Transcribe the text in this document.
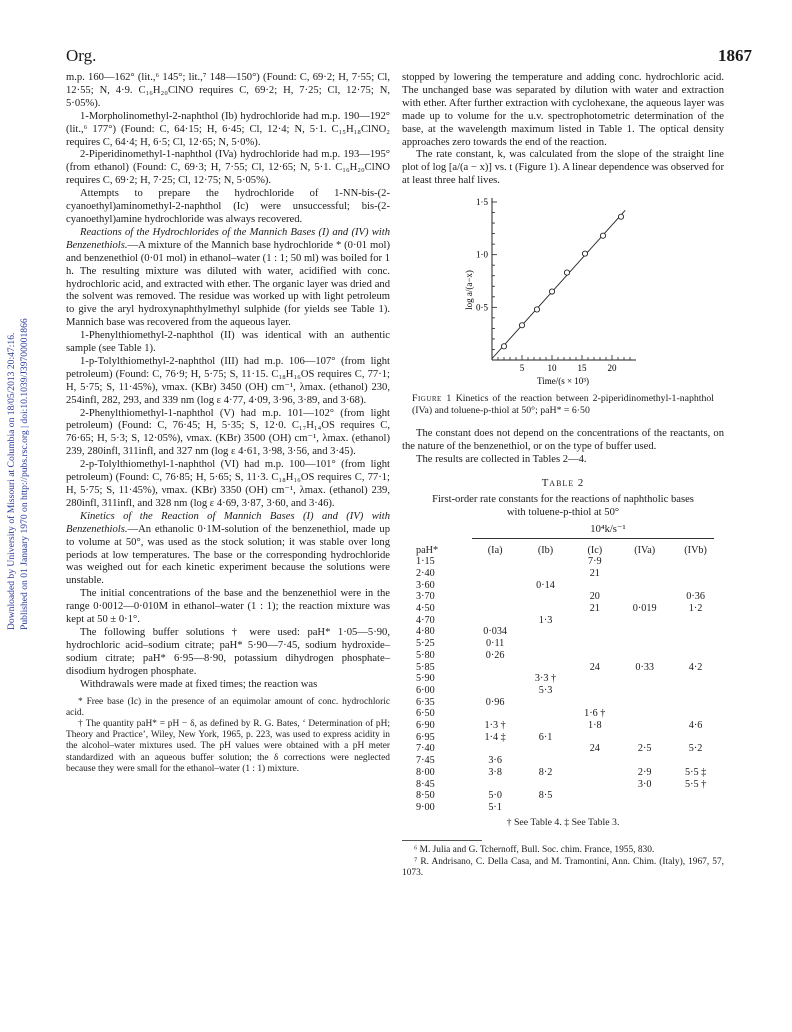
Org.	1867
Downloaded by University of Missouri at Columbia on 18/05/2013 20:47:16. Published on 01 January 1970 on http://pubs.rsc.org | doi:10.1039/J39700001866

m.p. 160—162° (lit.,⁶ 145°; lit.,⁷ 148—150°) (Found: C, 69·2; H, 7·55; Cl, 12·55; N, 4·9. C₁₆H₂₀ClNO requires C, 69·2; H, 7·25; Cl, 12·75; N, 5·05%).

1-Morpholinomethyl-2-naphthol (Ib) hydrochloride had m.p. 190—192° (lit.,⁶ 177°) (Found: C, 64·15; H, 6·45; Cl, 12·4; N, 5·1. C₁₅H₁₈ClNO₂ requires C, 64·4; H, 6·5; Cl, 12·65; N, 5·0%).

2-Piperidinomethyl-1-naphthol (IVa) hydrochloride had m.p. 193—195° (from ethanol) (Found: C, 69·3; H, 7·55; Cl, 12·65; N, 5·1. C₁₆H₂₀ClNO requires C, 69·2; H, 7·25; Cl, 12·75; N, 5·05%).

Attempts to prepare the hydrochloride of 1-NN-bis-(2-cyanoethyl)aminomethyl-2-naphthol (Ic) were unsuccessful; bis-(2-cyanoethyl)amine hydrochloride was always recovered.

Reactions of the Hydrochlorides of the Mannich Bases (I) and (IV) with Benzenethiols.—A mixture of the Mannich base hydrochloride * (0·01 mol) and benzenethiol (0·01 mol) in ethanol–water (1 : 1; 50 ml) was boiled for 1 h. The resulting mixture was diluted with water, acidified with conc. hydrochloric acid, and extracted with ether. The organic layer was dried and the solvent was removed. The residue was worked up with light petroleum to give the aryl hydroxynaphthylmethyl sulphide (for yields see Table 1). Mannich base was recovered from the aqueous layer.

1-Phenylthiomethyl-2-naphthol (II) was identical with an authentic sample (see Table 1).

1-p-Tolylthiomethyl-2-naphthol (III) had m.p. 106—107° (from light petroleum) (Found: C, 76·9; H, 5·75; S, 11·15. C₁₈H₁₆OS requires C, 77·1; H, 5·75; S, 11·45%), νmax. (KBr) 3450 (OH) cm⁻¹, λmax. (ethanol) 230, 254infl, 282, 293, and 339 nm (log ε 4·77, 4·09, 3·96, 3·89, and 3·68).

2-Phenylthiomethyl-1-naphthol (V) had m.p. 101—102° (from light petroleum) (Found: C, 76·45; H, 5·35; S, 12·0. C₁₇H₁₄OS requires C, 76·65; H, 5·3; S, 12·05%), νmax. (KBr) 3500 (OH) cm⁻¹, λmax. (ethanol) 239, 280infl, 311infl, and 327 nm (log ε 4·61, 3·98, 3·56, and 3·45).

2-p-Tolylthiomethyl-1-naphthol (VI) had m.p. 100—101° (from light petroleum) (Found: C, 76·85; H, 5·65; S, 11·3. C₁₈H₁₆OS requires C, 77·1; H, 5·75; S, 11·45%), νmax. (KBr) 3350 (OH) cm⁻¹, λmax. (ethanol) 239, 280infl, 311infl, and 328 nm (log ε 4·69, 3·87, 3·60, and 3·46).

Kinetics of the Reaction of Mannich Bases (I) and (IV) with Benzenethiols.—An ethanolic 0·1M-solution of the benzenethiol, made up to volume at 50°, was used as the stock solution; it was stable over long periods at low temperatures. The base or the corresponding hydrochloride was weighed out for each kinetic experiment because the solutions were unstable.

The initial concentrations of the base and the benzenethiol were in the range 0·0012—0·010M in ethanol–water (1 : 1); the reaction mixture was kept at 50 ± 0·1°.

The following buffer solutions † were used: paH* 1·05—5·90, hydrochloric acid–sodium citrate; paH* 5·90—7·45, sodium hydroxide–sodium citrate; paH* 6·95—8·90, potassium dihydrogen phosphate–disodium hydrogen phosphate.

Withdrawals were made at fixed times; the reaction was

* Free base (Ic) in the presence of an equimolar amount of conc. hydrochloric acid.

† The quantity paH* = pH − δ, as defined by R. G. Bates, ‘ Determination of pH; Theory and Practice’, Wiley, New York, 1965, p. 223, was used to express acidity in the alcohol–water mixtures used. The pH values were obtained with a pH meter standardized with an aqueous buffer solution; the δ corrections were neglected because they were small for the ethanol–water (1 : 1) mixture.

stopped by lowering the temperature and adding conc. hydrochloric acid. The unchanged base was separated by dilution with water and extraction with ether. After further extraction with cyclohexane, the aqueous layer was made up to volume for the u.v. spectrophotometric determination of the base, at the wavelength maximum listed in Table 1. The optical density approaches zero towards the end of the reaction.

The rate constant, k, was calculated from the slope of the straight line plot of log [a/(a − x)] vs. t (Figure 1). A linear dependence was observed for at least three half lives.

0·5
1·0
1·5
5	10 15 20
log a/(a−x)
Time/(s × 10³)
Figure 1 Kinetics of the reaction between 2-piperidinomethyl-1-naphthol (IVa) and toluene-p-thiol at 50°; paH* = 6·50

The constant does not depend on the concentrations of the reactants, on the nature of the benzenethiol, or on the type of buffer used.

The results are collected in Tables 2—4.

Table 2
First-order rate constants for the reactions of naphtholic bases with toluene-p-thiol at 50°
10⁴k/s⁻¹
paH*	(Ia)	(Ib)	(Ic)	(IVa)	(IVb)
1·15			7·9		
2·40			21		
3·60		0·14			
3·70			20		0·36
4·50			21	0·019	1·2
4·70		1·3			
4·80	0·034				
5·25	0·11				
5·80	0·26				
5·85			24	0·33	4·2
5·90		3·3 †			
6·00		5·3			
6·35	0·96				
6·50			1·6 †		
6·90	1·3 †		1·8		4·6
6·95	1·4 ‡	6·1			
7·40			24	2·5	5·2
7·45	3·6				
8·00	3·8	8·2		2·9	5·5 ‡
8·45				3·0	5·5 †
8·50	5·0	8·5			
9·00	5·1				
† See Table 4. ‡ See Table 3.

⁶ M. Julia and G. Tchernoff, Bull. Soc. chim. France, 1955, 830.

⁷ R. Andrisano, C. Della Casa, and M. Tramontini, Ann. Chim. (Italy), 1967, 57, 1073.
